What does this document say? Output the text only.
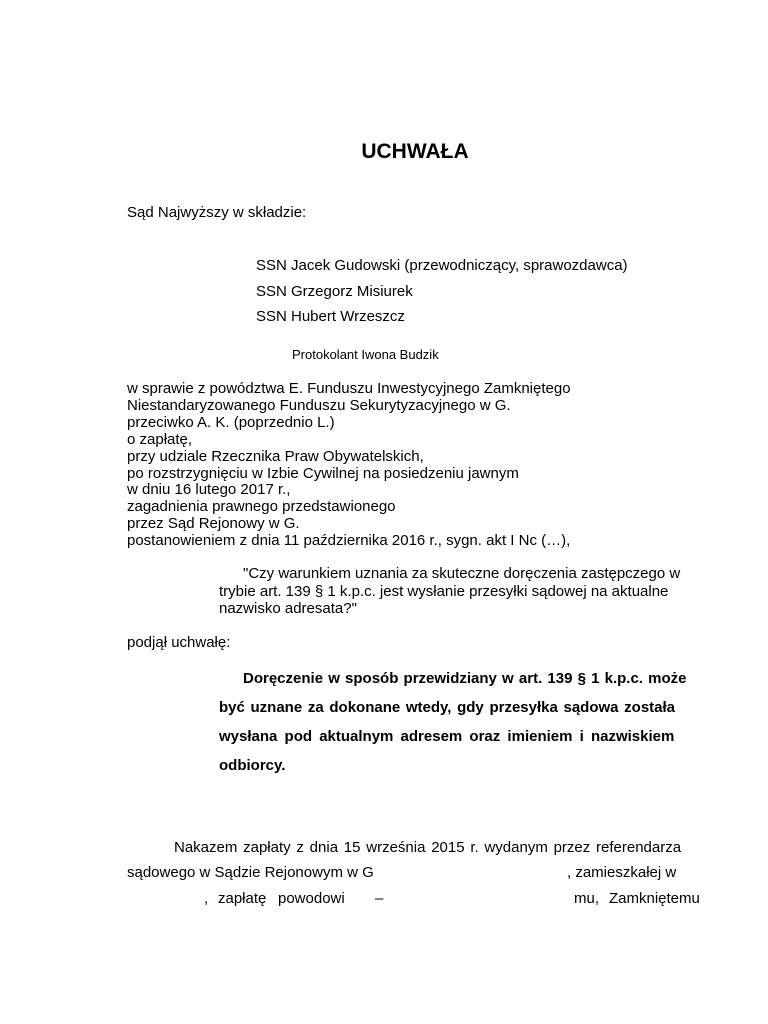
UCHWAŁA
Sąd Najwyższy w składzie:
SSN Jacek Gudowski (przewodniczący, sprawozdawca)
SSN Grzegorz Misiurek
SSN Hubert Wrzeszcz
Protokolant Iwona Budzik
w sprawie z powództwa E. Funduszu Inwestycyjnego Zamkniętego
Niestandaryzowanego Funduszu Sekurytyzacyjnego w G.
przeciwko A. K. (poprzednio L.)
o zapłatę,
przy udziale Rzecznika Praw Obywatelskich,
po rozstrzygnięciu w Izbie Cywilnej na posiedzeniu jawnym
w dniu 16 lutego 2017 r.,
zagadnienia prawnego przedstawionego
przez Sąd Rejonowy w G.
postanowieniem z dnia 11 października 2016 r., sygn. akt I Nc (…),
"Czy warunkiem uznania za skuteczne doręczenia zastępczego w
trybie art. 139 § 1 k.p.c. jest wysłanie przesyłki sądowej na aktualne
nazwisko adresata?"
podjął uchwałę:
Doręczenie w sposób przewidziany w art. 139 § 1 k.p.c. może
być uznane za dokonane wtedy, gdy przesyłka sądowa została
wysłana pod aktualnym adresem oraz imieniem i nazwiskiem
odbiorcy.
Nakazem zapłaty z dnia 15 września 2015 r. wydanym przez referendarza
sądowego w Sądzie Rejonowym w G	, zamieszkałej w
, zapłatę powodowi –	mu, Zamkniętemu
